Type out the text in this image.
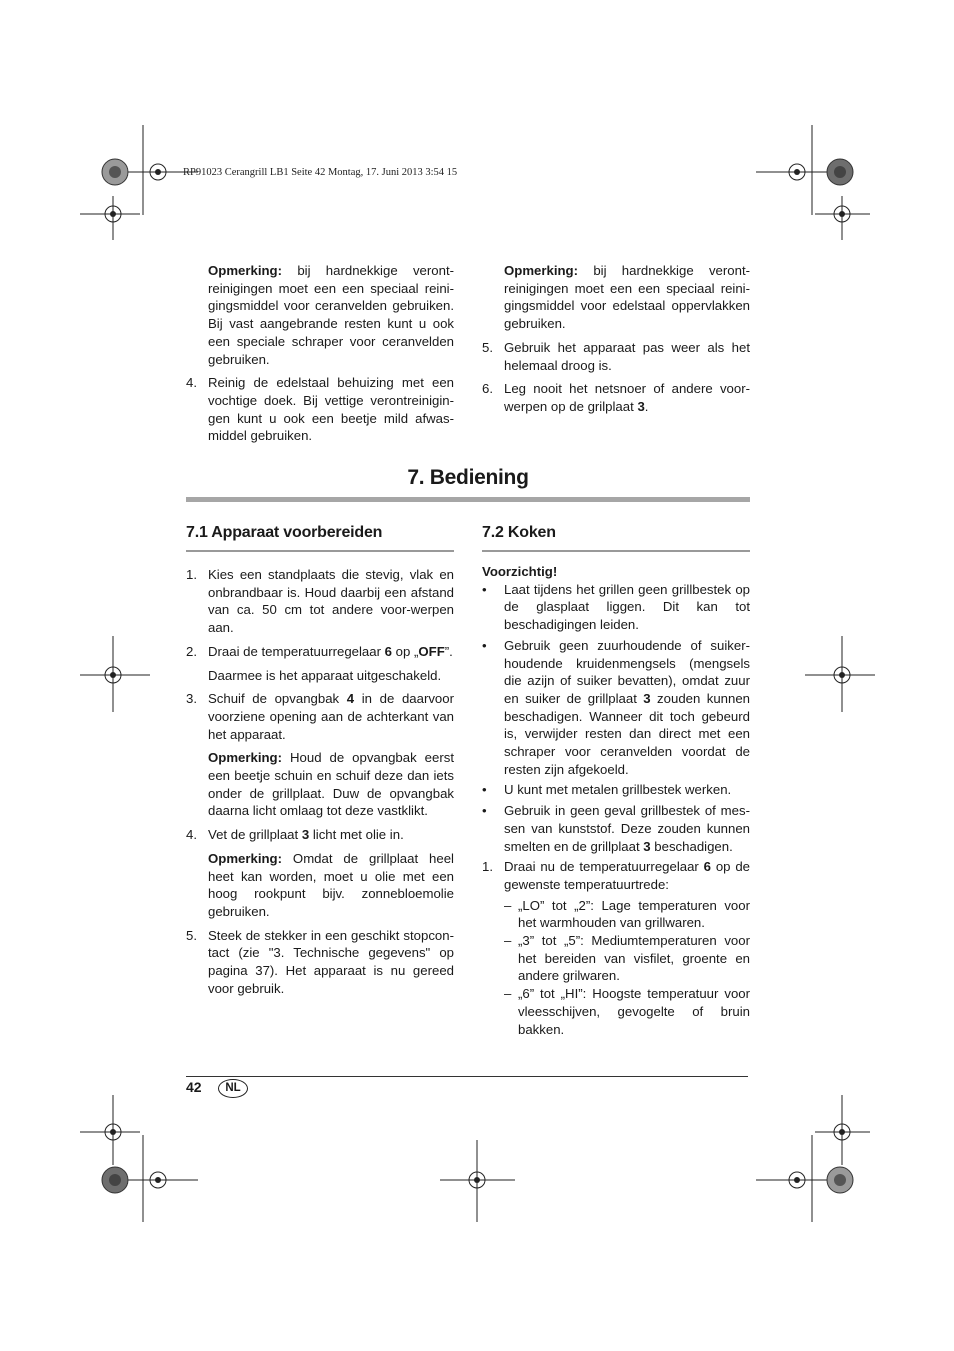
RP91023 Cerangrill LB1 Seite 42 Montag, 17. Juni 2013 3:54 15
Opmerking: bij hardnekkige veront-reinigingen moet een een speciaal reini-gingsmiddel voor ceranvelden gebruiken. Bij vast aangebrande resten kunt u ook een speciale schraper voor ceranvelden gebruiken.
4. Reinig de edelstaal behuizing met een vochtige doek. Bij vettige verontreinigin-gen kunt u ook een beetje mild afwas-middel gebruiken.
Opmerking: bij hardnekkige veront-reinigingen moet een een speciaal reini-gingsmiddel voor edelstaal oppervlakken gebruiken.
5. Gebruik het apparaat pas weer als het helemaal droog is.
6. Leg nooit het netsnoer of andere voor-werpen op de grilplaat 3.
7. Bediening
7.1 Apparaat voorbereiden
1. Kies een standplaats die stevig, vlak en onbrandbaar is. Houd daarbij een afstand van ca. 50 cm tot andere voor-werpen aan.
2. Draai de temperatuurregelaar 6 op „OFF”.
Daarmee is het apparaat uitgeschakeld.
3. Schuif de opvangbak 4 in de daarvoor voorziene opening aan de achterkant van het apparaat.
Opmerking: Houd de opvangbak eerst een beetje schuin en schuif deze dan iets onder de grillplaat. Duw de opvangbak daarna licht omlaag tot deze vastklikt.
4. Vet de grillplaat 3 licht met olie in.
Opmerking: Omdat de grillplaat heel heet kan worden, moet u olie met een hoog rookpunt bijv. zonnebloemolie gebruiken.
5. Steek de stekker in een geschikt stopcon-tact (zie "3. Technische gegevens" op pagina 37). Het apparaat is nu gereed voor gebruik.
7.2 Koken
Voorzichtig!
•	Laat tijdens het grillen geen grillbestek op de glasplaat liggen. Dit kan tot beschadigingen leiden.
•	Gebruik geen zuurhoudende of suiker-houdende kruidenmengsels (mengsels die azijn of suiker bevatten), omdat zuur en suiker de grillplaat 3 zouden kunnen beschadigen. Wanneer dit toch gebeurd is, verwijder resten dan direct met een schraper voor ceranvelden voordat de resten zijn afgekoeld.
•	U kunt met metalen grillbestek werken.
•	Gebruik in geen geval grillbestek of mes-sen van kunststof. Deze zouden kunnen smelten en de grillplaat 3 beschadigen.
1. Draai nu de temperatuurregelaar 6 op de gewenste temperatuurtrede:
– „LO” tot „2”: Lage temperaturen voor het warmhouden van grillwaren.
– „3” tot „5”: Mediumtemperaturen voor het bereiden van visfilet, groente en andere grilwaren.
– „6” tot „HI”: Hoogste temperatuur voor vleesschijven, gevogelte of bruin bakken.
42	NL
